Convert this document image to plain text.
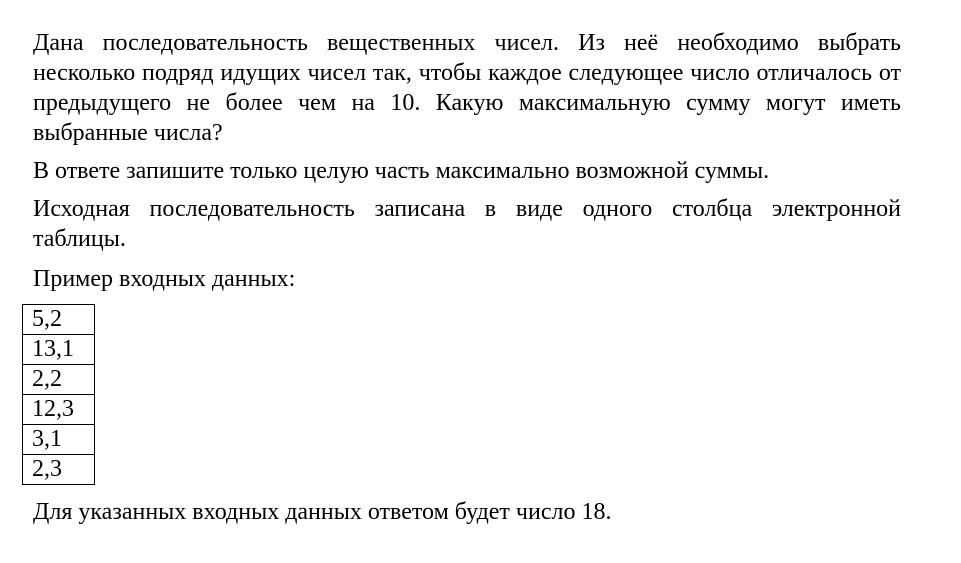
Дана последовательность вещественных чисел. Из неё необходимо выбрать несколько подряд идущих чисел так, чтобы каждое следующее число отличалось от предыдущего не более чем на 10. Какую максимальную сумму могут иметь выбранные числа?

В ответе запишите только целую часть максимально возможной суммы.

Исходная последовательность записана в виде одного столбца электронной таблицы.

Пример входных данных:

5,2
13,1
2,2
12,3
3,1
2,3

Для указанных входных данных ответом будет число 18.
